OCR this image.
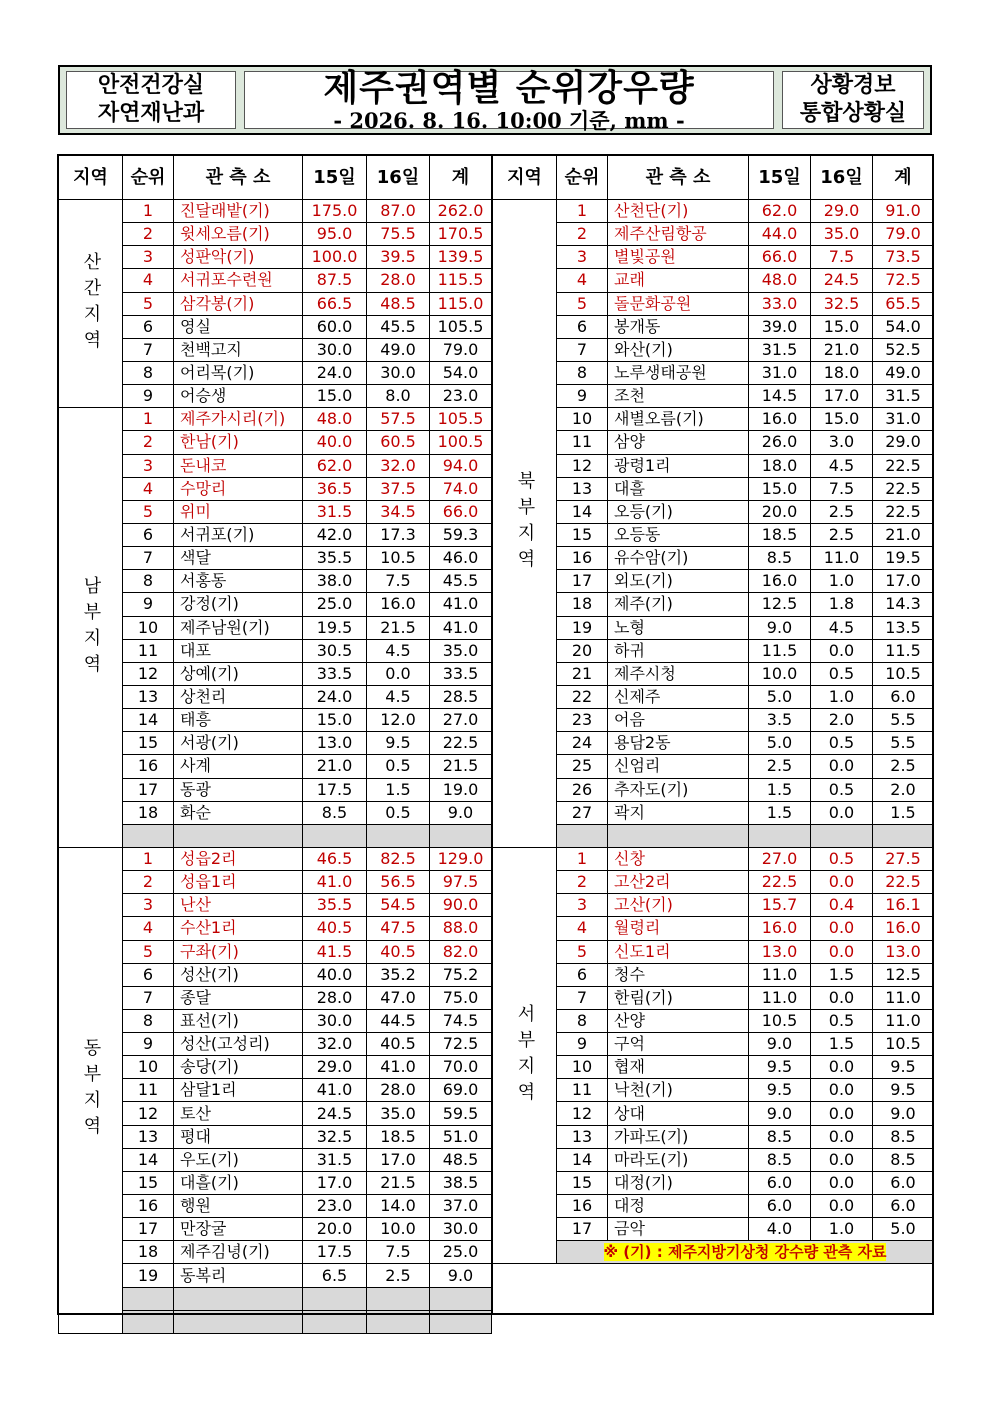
안전건강실
자연재난과
제주권역별 순위강우량
- 2026. 8. 16. 10:00 기준, mm -
상황경보
통합상황실
지역	순위	관 측 소	15일	16일	계
산간지역	1	진달래밭(기)	175.0	87.0	262.0
	2	윗세오름(기)	95.0	75.5	170.5
	3	성판악(기)	100.0	39.5	139.5
	4	서귀포수련원	87.5	28.0	115.5
	5	삼각봉(기)	66.5	48.5	115.0
	6	영실	60.0	45.5	105.5
	7	천백고지	30.0	49.0	79.0
	8	어리목(기)	24.0	30.0	54.0
	9	어승생	15.0	8.0	23.0
남부지역	1	제주가시리(기)	48.0	57.5	105.5
	2	한남(기)	40.0	60.5	100.5
	3	돈내코	62.0	32.0	94.0
	4	수망리	36.5	37.5	74.0
	5	위미	31.5	34.5	66.0
	6	서귀포(기)	42.0	17.3	59.3
	7	색달	35.5	10.5	46.0
	8	서홍동	38.0	7.5	45.5
	9	강정(기)	25.0	16.0	41.0
	10	제주남원(기)	19.5	21.5	41.0
	11	대포	30.5	4.5	35.0
	12	상예(기)	33.5	0.0	33.5
	13	상천리	24.0	4.5	28.5
	14	태흥	15.0	12.0	27.0
	15	서광(기)	13.0	9.5	22.5
	16	사계	21.0	0.5	21.5
	17	동광	17.5	1.5	19.0
	18	화순	8.5	0.5	9.0

동부지역	1	성읍2리	46.5	82.5	129.0
	2	성읍1리	41.0	56.5	97.5
	3	난산	35.5	54.5	90.0
	4	수산1리	40.5	47.5	88.0
	5	구좌(기)	41.5	40.5	82.0
	6	성산(기)	40.0	35.2	75.2
	7	종달	28.0	47.0	75.0
	8	표선(기)	30.0	44.5	74.5
	9	성산(고성리)	32.0	40.5	72.5
	10	송당(기)	29.0	41.0	70.0
	11	삼달1리	41.0	28.0	69.0
	12	토산	24.5	35.0	59.5
	13	평대	32.5	18.5	51.0
	14	우도(기)	31.5	17.0	48.5
	15	대흘(기)	17.0	21.5	38.5
	16	행원	23.0	14.0	37.0
	17	만장굴	20.0	10.0	30.0
	18	제주김녕(기)	17.5	7.5	25.0
	19	동복리	6.5	2.5	9.0

지역	순위	관 측 소	15일	16일	계
북부지역	1	산천단(기)	62.0	29.0	91.0
	2	제주산림항공	44.0	35.0	79.0
	3	별빛공원	66.0	7.5	73.5
	4	교래	48.0	24.5	72.5
	5	돌문화공원	33.0	32.5	65.5
	6	봉개동	39.0	15.0	54.0
	7	와산(기)	31.5	21.0	52.5
	8	노루생태공원	31.0	18.0	49.0
	9	조천	14.5	17.0	31.5
	10	새별오름(기)	16.0	15.0	31.0
	11	삼양	26.0	3.0	29.0
	12	광령1리	18.0	4.5	22.5
	13	대흘	15.0	7.5	22.5
	14	오등(기)	20.0	2.5	22.5
	15	오등동	18.5	2.5	21.0
	16	유수암(기)	8.5	11.0	19.5
	17	외도(기)	16.0	1.0	17.0
	18	제주(기)	12.5	1.8	14.3
	19	노형	9.0	4.5	13.5
	20	하귀	11.5	0.0	11.5
	21	제주시청	10.0	0.5	10.5
	22	신제주	5.0	1.0	6.0
	23	어음	3.5	2.0	5.5
	24	용담2동	5.0	0.5	5.5
	25	신엄리	2.5	0.0	2.5
	26	추자도(기)	1.5	0.5	2.0
	27	곽지	1.5	0.0	1.5

서부지역	1	신창	27.0	0.5	27.5
	2	고산2리	22.5	0.0	22.5
	3	고산(기)	15.7	0.4	16.1
	4	월령리	16.0	0.0	16.0
	5	신도1리	13.0	0.0	13.0
	6	청수	11.0	1.5	12.5
	7	한림(기)	11.0	0.0	11.0
	8	산양	10.5	0.5	11.0
	9	구억	9.0	1.5	10.5
	10	협재	9.5	0.0	9.5
	11	낙천(기)	9.5	0.0	9.5
	12	상대	9.0	0.0	9.0
	13	가파도(기)	8.5	0.0	8.5
	14	마라도(기)	8.5	0.0	8.5
	15	대정(기)	6.0	0.0	6.0
	16	대정	6.0	0.0	6.0
	17	금악	4.0	1.0	5.0
	※ (기) : 제주지방기상청 강수량 관측 자료				
